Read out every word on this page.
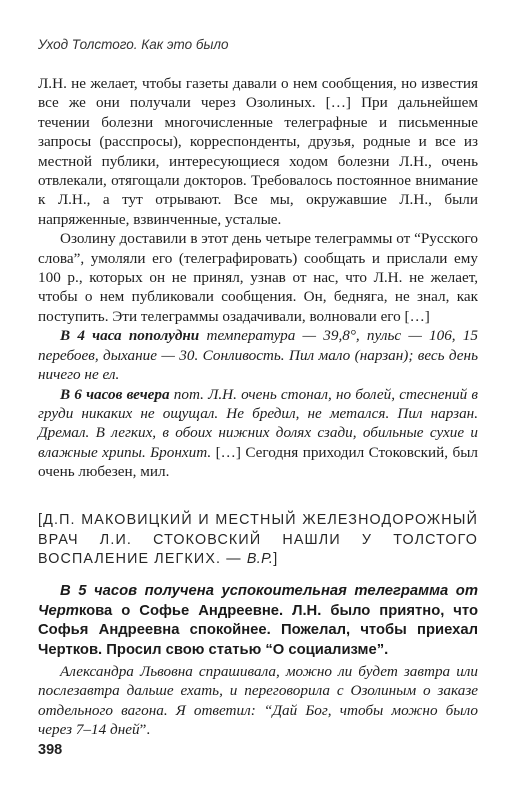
Уход Толстого. Как это было

Л.Н. не желает, чтобы газеты давали о нем сообщения, но известия все же они получали через Озолиных. […] При дальнейшем течении болезни многочисленные телеграфные и письменные запросы (расспросы), корреспонденты, друзья, родные и все из местной публики, интересующиеся ходом болезни Л.Н., очень отвлекали, отягощали докторов. Требовалось постоянное внимание к Л.Н., а тут отрывают. Все мы, окружавшие Л.Н., были напряженные, взвинченные, усталые.

Озолину доставили в этот день четыре телеграммы от “Русского слова”, умоляли его (телеграфировать) сообщать и прислали ему 100 р., которых он не принял, узнав от нас, что Л.Н. не желает, чтобы о нем публиковали сообщения. Он, бедняга, не знал, как поступить. Эти телеграммы озадачивали, волновали его […]

В 4 часа пополудни температура — 39,8°, пульс — 106, 15 перебоев, дыхание — 30. Сонливость. Пил мало (нарзан); весь день ничего не ел.

В 6 часов вечера пот. Л.Н. очень стонал, но болей, стеснений в груди никаких не ощущал. Не бредил, не метался. Пил нарзан. Дремал. В легких, в обоих нижних долях сзади, обильные сухие и влажные хрипы. Бронхит. […] Сегодня приходил Стоковский, был очень любезен, мил.

[Д.П. МАКОВИЦКИЙ И МЕСТНЫЙ ЖЕЛЕЗНОДОРОЖНЫЙ ВРАЧ Л.И. СТОКОВСКИЙ НАШЛИ У ТОЛСТОГО ВОСПАЛЕНИЕ ЛЕГКИХ. — В.Р.]
В 5 часов получена успокоительная телеграмма от Черткова о Софье Андреевне. Л.Н. было приятно, что Софья Андреевна спокойнее. Пожелал, чтобы приехал Чертков. Просил свою статью “О социализме”.
Александра Львовна спрашивала, можно ли будет завтра или послезавтра дальше ехать, и переговорила с Озолиным о заказе отдельного вагона. Я ответил: “Дай Бог, чтобы можно было через 7–14 дней”.
398
